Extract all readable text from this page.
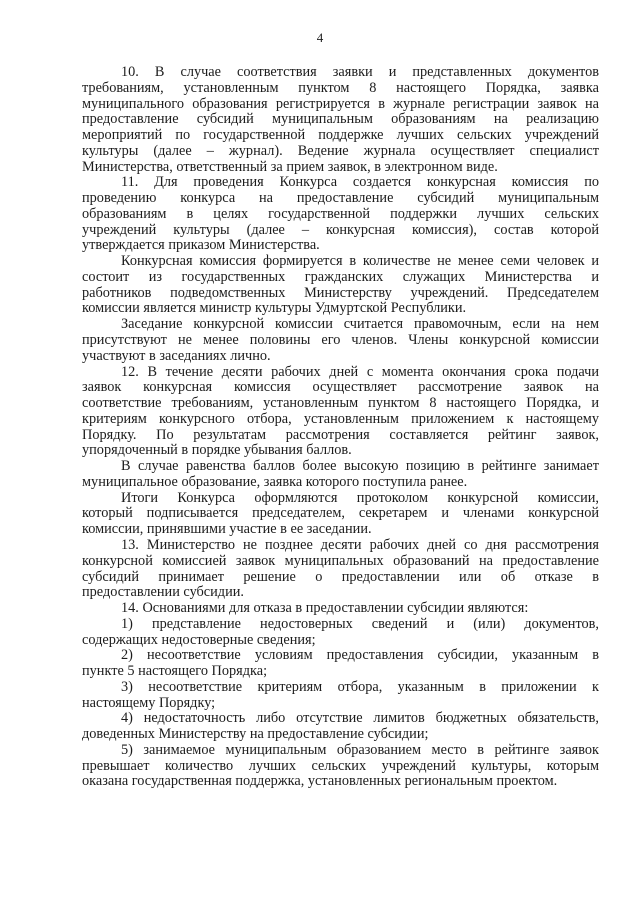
4
10. В случае соответствия заявки и представленных документов
требованиям, установленным пунктом 8 настоящего Порядка, заявка
муниципального образования регистрируется в журнале регистрации заявок на
предоставление субсидий муниципальным образованиям на реализацию
мероприятий по государственной поддержке лучших сельских учреждений
культуры (далее – журнал). Ведение журнала осуществляет специалист
Министерства, ответственный за прием заявок, в электронном виде.
11. Для проведения Конкурса создается конкурсная комиссия по
проведению конкурса на предоставление субсидий муниципальным
образованиям в целях государственной поддержки лучших сельских
учреждений культуры (далее – конкурсная комиссия), состав которой
утверждается приказом Министерства.
Конкурсная комиссия формируется в количестве не менее семи человек и
состоит из государственных гражданских служащих Министерства и
работников подведомственных Министерству учреждений. Председателем
комиссии является министр культуры Удмуртской Республики.
Заседание конкурсной комиссии считается правомочным, если на нем
присутствуют не менее половины его членов. Члены конкурсной комиссии
участвуют в заседаниях лично.
12. В течение десяти рабочих дней с момента окончания срока подачи
заявок конкурсная комиссия осуществляет рассмотрение заявок на
соответствие требованиям, установленным пунктом 8 настоящего Порядка, и
критериям конкурсного отбора, установленным приложением к настоящему
Порядку. По результатам рассмотрения составляется рейтинг заявок,
упорядоченный в порядке убывания баллов.
В случае равенства баллов более высокую позицию в рейтинге занимает
муниципальное образование, заявка которого поступила ранее.
Итоги Конкурса оформляются протоколом конкурсной комиссии,
который подписывается председателем, секретарем и членами конкурсной
комиссии, принявшими участие в ее заседании.
13. Министерство не позднее десяти рабочих дней со дня рассмотрения
конкурсной комиссией заявок муниципальных образований на предоставление
субсидий принимает решение о предоставлении или об отказе в
предоставлении субсидии.
14. Основаниями для отказа в предоставлении субсидии являются:
1) представление недостоверных сведений и (или) документов,
содержащих недостоверные сведения;
2) несоответствие условиям предоставления субсидии, указанным в
пункте 5 настоящего Порядка;
3) несоответствие критериям отбора, указанным в приложении к
настоящему Порядку;
4) недостаточность либо отсутствие лимитов бюджетных обязательств,
доведенных Министерству на предоставление субсидии;
5) занимаемое муниципальным образованием место в рейтинге заявок
превышает количество лучших сельских учреждений культуры, которым
оказана государственная поддержка, установленных региональным проектом.
